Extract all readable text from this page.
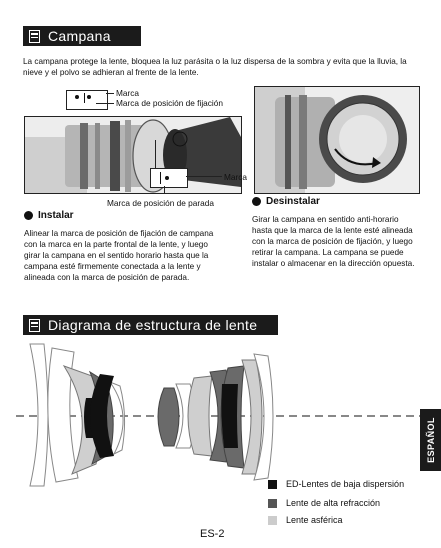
Campana
La campana protege la lente, bloquea la luz parásita o la luz dispersa de la sombra y evita que la lluvia, la nieve y el polvo se adhieran al frente de la lente.
Marca
Marca de posición de fijación
Marca
Marca de posición de parada
Instalar
Alinear la marca de posición de fijación de campana con la marca en la parte frontal de la lente, y luego girar la campana en el sentido horario hasta que la campana esté firmemente conectada a la lente y alineada con la marca de posición de parada.
Desinstalar
Girar la campana en sentido anti-horario hasta que la marca de la lente esté alineada con la marca de posición de fijación, y luego retirar la campana. La campana se puede instalar o almacenar en la dirección opuesta.
Diagrama de estructura de lente
ESPAÑOL
ED-Lentes de baja dispersión
Lente de alta refracción
Lente asférica
ES-2
